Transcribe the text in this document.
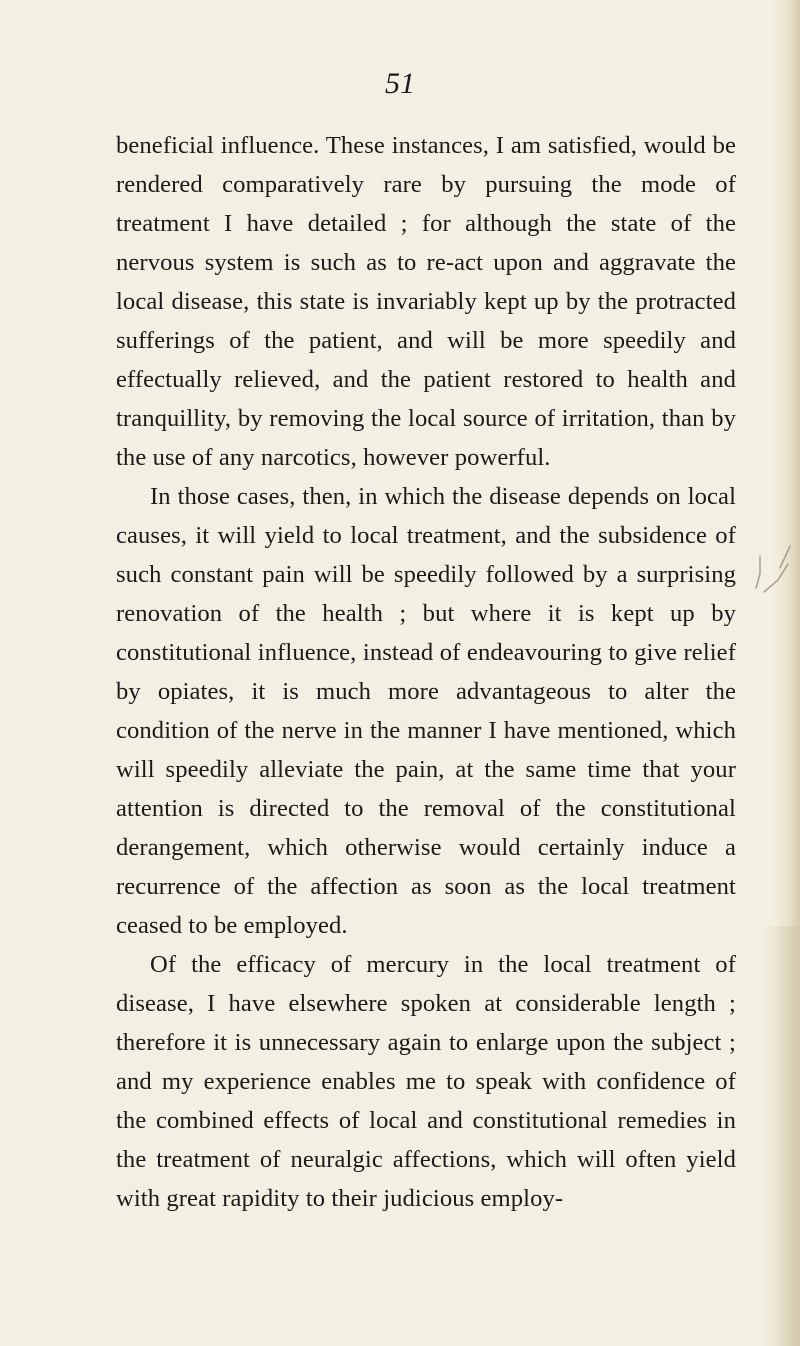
51

beneficial influence. These instances, I am satisfied, would be rendered comparatively rare by pursuing the mode of treatment I have detailed ; for although the state of the nervous system is such as to re-act upon and aggravate the local disease, this state is invariably kept up by the protracted sufferings of the patient, and will be more speedily and effectually relieved, and the patient restored to health and tranquillity, by removing the local source of irritation, than by the use of any narcotics, however powerful.

In those cases, then, in which the disease depends on local causes, it will yield to local treatment, and the subsidence of such constant pain will be speedily followed by a surprising renovation of the health ; but where it is kept up by constitutional influence, instead of endeavouring to give relief by opiates, it is much more advantageous to alter the condition of the nerve in the manner I have mentioned, which will speedily alleviate the pain, at the same time that your attention is directed to the removal of the constitutional derangement, which otherwise would certainly induce a recurrence of the affection as soon as the local treatment ceased to be employed.

Of the efficacy of mercury in the local treatment of disease, I have elsewhere spoken at considerable length ; therefore it is unnecessary again to enlarge upon the subject ; and my experience enables me to speak with confidence of the combined effects of local and constitutional remedies in the treatment of neuralgic affections, which will often yield with great rapidity to their judicious employ-
